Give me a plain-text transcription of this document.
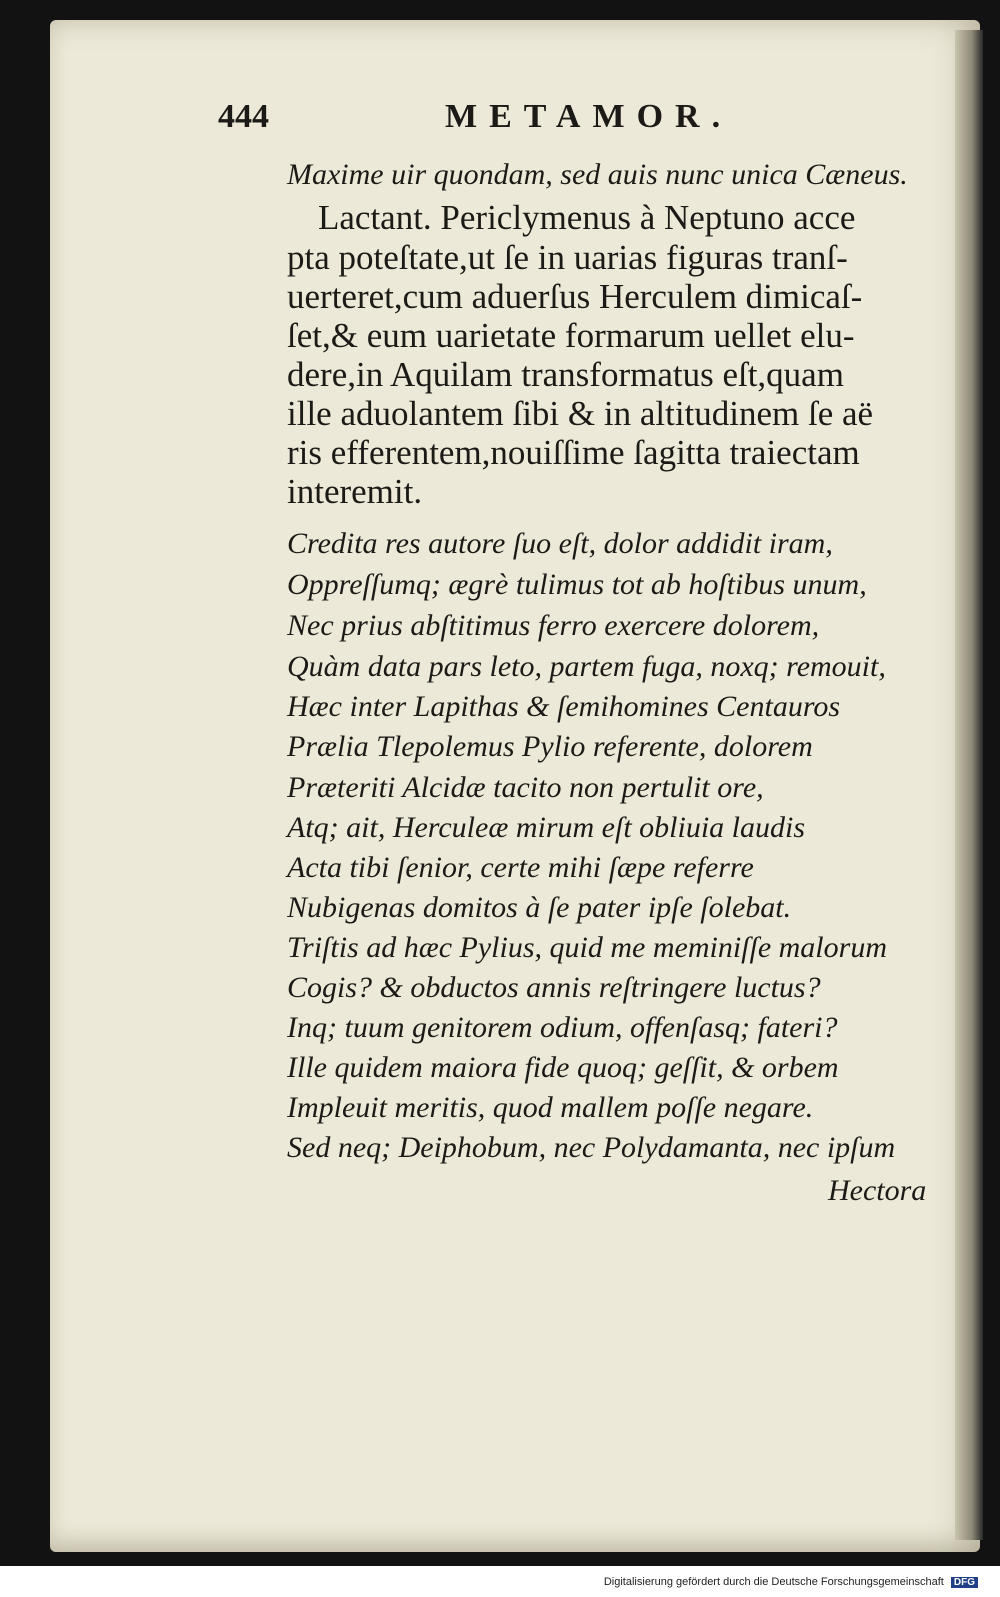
444	METAMOR.
Maxime uir quondam, sed auis nunc unica Cæneus.
Lactant. Periclymenus à Neptuno acce
pta poteſtate,ut ſe in uarias figuras tranſ-
uerteret,cum aduerſus Herculem dimicaſ-
ſet,& eum uarietate formarum uellet elu-
dere,in Aquilam transformatus eſt,quam
ille aduolantem ſibi & in altitudinem ſe aë
ris efferentem,nouiſſime ſagitta traiectam
interemit.
Credita res autore ſuo eſt, dolor addidit iram,
Oppreſſumq; ægrè tulimus tot ab hoſtibus unum,
Nec prius abſtitimus ferro exercere dolorem,
Quàm data pars leto, partem fuga, noxq; remouit,
Hæc inter Lapithas & ſemihomines Centauros
Prælia Tlepolemus Pylio referente, dolorem
Præteriti Alcidæ tacito non pertulit ore,
Atq; ait, Herculeæ mirum eſt obliuia laudis
Acta tibi ſenior, certe mihi ſæpe referre
Nubigenas domitos à ſe pater ipſe ſolebat.
Triſtis ad hæc Pylius, quid me meminiſſe malorum
Cogis? & obductos annis reſtringere luctus?
Inq; tuum genitorem odium, offenſasq; fateri?
Ille quidem maiora fide quoq; geſſit, & orbem
Impleuit meritis, quod mallem poſſe negare.
Sed neq; Deiphobum, nec Polydamanta, nec ipſum
Hectora
Digitalisierung gefördert durch die Deutsche Forschungsgemeinschaft DFG
